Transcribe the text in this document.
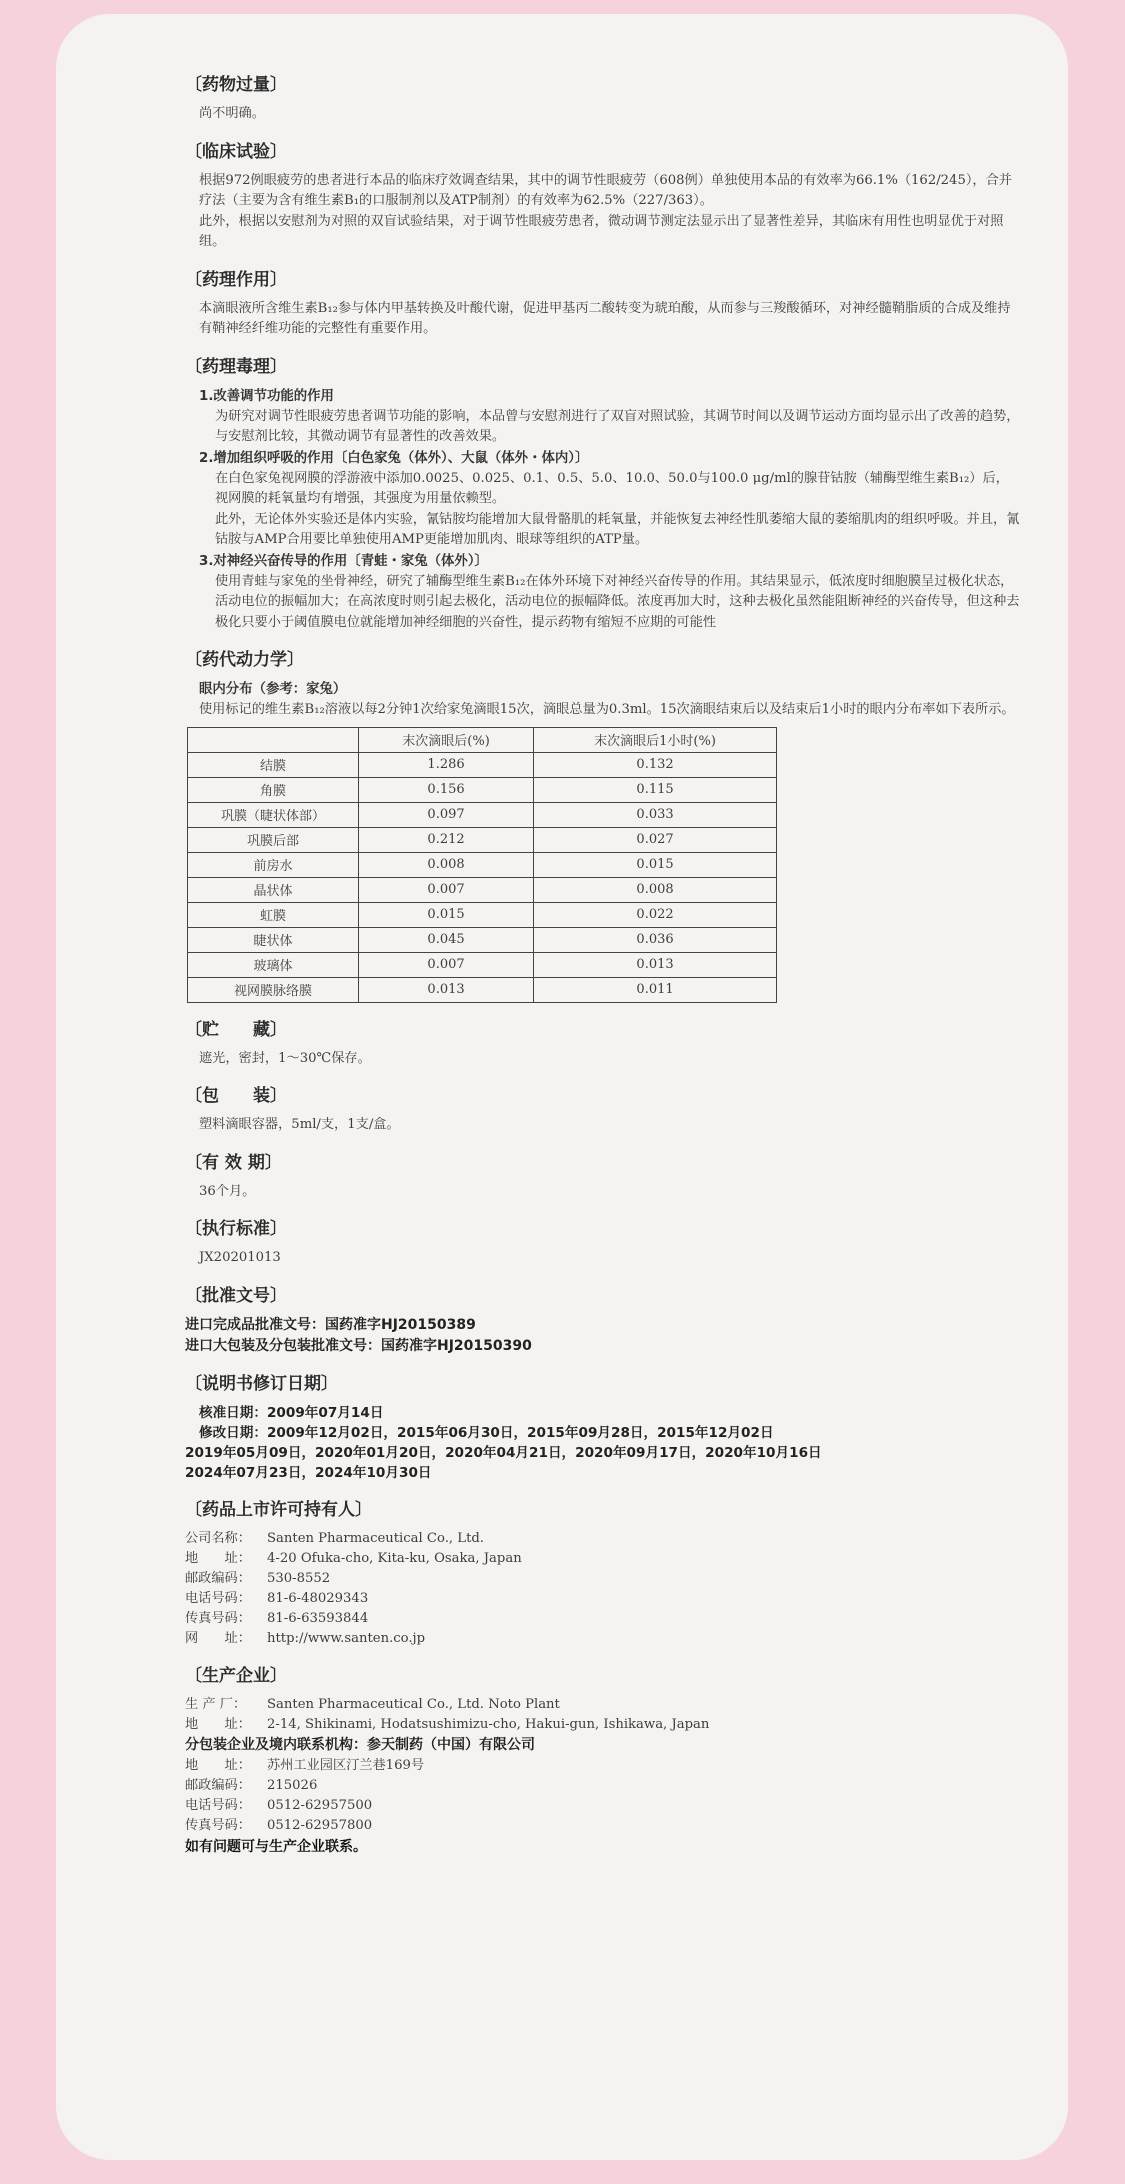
〔药物过量〕

尚不明确。

〔临床试验〕

根据972例眼疲劳的患者进行本品的临床疗效调查结果，其中的调节性眼疲劳（608例）单独使用本品的有效率为66.1%（162/245），合并疗法（主要为含有维生素B₁的口服制剂以及ATP制剂）的有效率为62.5%（227/363）。

此外，根据以安慰剂为对照的双盲试验结果，对于调节性眼疲劳患者，微动调节测定法显示出了显著性差异，其临床有用性也明显优于对照组。

〔药理作用〕

本滴眼液所含维生素B₁₂参与体内甲基转换及叶酸代谢，促进甲基丙二酸转变为琥珀酸，从而参与三羧酸循环，对神经髓鞘脂质的合成及维持有鞘神经纤维功能的完整性有重要作用。

〔药理毒理〕
1.改善调节功能的作用

为研究对调节性眼疲劳患者调节功能的影响，本品曾与安慰剂进行了双盲对照试验，其调节时间以及调节运动方面均显示出了改善的趋势，与安慰剂比较，其微动调节有显著性的改善效果。

2.增加组织呼吸的作用〔白色家兔（体外）、大鼠（体外・体内）〕

在白色家兔视网膜的浮游液中添加0.0025、0.025、0.1、0.5、5.0、10.0、50.0与100.0 μg/ml的腺苷钴胺（辅酶型维生素B₁₂）后，视网膜的耗氧量均有增强，其强度为用量依赖型。

此外，无论体外实验还是体内实验，氰钴胺均能增加大鼠骨骼肌的耗氧量，并能恢复去神经性肌萎缩大鼠的萎缩肌肉的组织呼吸。并且，氰钴胺与AMP合用要比单独使用AMP更能增加肌肉、眼球等组织的ATP量。

3.对神经兴奋传导的作用〔青蛙・家兔（体外）〕

使用青蛙与家兔的坐骨神经，研究了辅酶型维生素B₁₂在体外环境下对神经兴奋传导的作用。其结果显示，低浓度时细胞膜呈过极化状态，活动电位的振幅加大；在高浓度时则引起去极化，活动电位的振幅降低。浓度再加大时，这种去极化虽然能阻断神经的兴奋传导，但这种去极化只要小于阈值膜电位就能增加神经细胞的兴奋性，提示药物有缩短不应期的可能性

〔药代动力学〕
眼内分布（参考：家兔）

使用标记的维生素B₁₂溶液以每2分钟1次给家兔滴眼15次，滴眼总量为0.3ml。15次滴眼结束后以及结束后1小时的眼内分布率如下表所示。

	末次滴眼后(%)	末次滴眼后1小时(%)
结膜	1.286	0.132
角膜	0.156	0.115
巩膜（睫状体部）	0.097	0.033
巩膜后部	0.212	0.027
前房水	0.008	0.015
晶状体	0.007	0.008
虹膜	0.015	0.022
睫状体	0.045	0.036
玻璃体	0.007	0.013
视网膜脉络膜	0.013	0.011
〔贮　　藏〕

遮光，密封，1～30℃保存。

〔包　　装〕

塑料滴眼容器，5ml/支，1支/盒。

〔有 效 期〕

36个月。

〔执行标准〕

JX20201013

〔批准文号〕
进口完成品批准文号：国药准字HJ20150389
进口大包装及分包装批准文号：国药准字HJ20150390
〔说明书修订日期〕
核准日期：2009年07月14日
修改日期：2009年12月02日，2015年06月30日，2015年09月28日，2015年12月02日
2019年05月09日，2020年01月20日，2020年04月21日，2020年09月17日，2020年10月16日
2024年07月23日，2024年10月30日
〔药品上市许可持有人〕
公司名称： Santen Pharmaceutical Co., Ltd.
地　　址： 4-20 Ofuka-cho, Kita-ku, Osaka, Japan
邮政编码： 530-8552
电话号码： 81-6-48029343
传真号码： 81-6-63593844
网　　址： http://www.santen.co.jp
〔生产企业〕
生 产 厂： Santen Pharmaceutical Co., Ltd. Noto Plant
地　　址： 2-14, Shikinami, Hodatsushimizu-cho, Hakui-gun, Ishikawa, Japan
分包装企业及境内联系机构：参天制药（中国）有限公司
地　　址： 苏州工业园区汀兰巷169号
邮政编码： 215026
电话号码： 0512-62957500
传真号码： 0512-62957800
如有问题可与生产企业联系。
